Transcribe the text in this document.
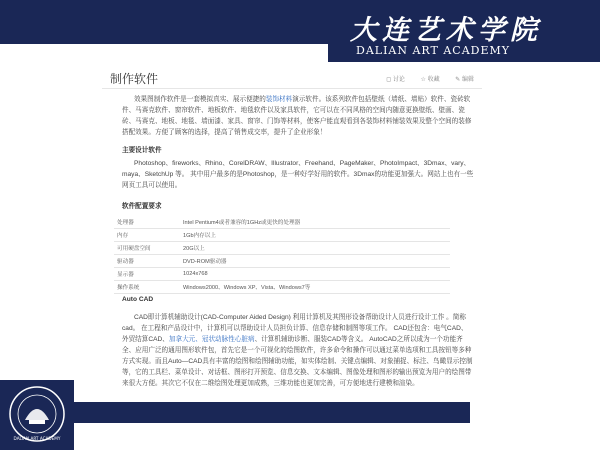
大连艺术学院
DALIAN ART ACADEMY
制作软件	◻ 讨论	☆ 收藏	✎ 编辑
效果图制作软件是一套模拟真实、展示便捷的装饰材料演示软件。该系列软件包括壁纸（墙纸、墙贴）软件、瓷砖软件、马赛克软件、窗帘软件、地板软件、地毯软件以及家具软件，它可以在不同风格的空间内随意更换壁纸、壁画、瓷砖、马赛克、地板、地毯、墙面漆、家具、窗帘、门饰等材料，使客户能直观看到各装饰材料铺装效果及整个空间的装修搭配效果。方便了顾客的选择，提高了销售成交率，提升了企业形象！
主要设计软件
Photoshop、fireworks、Rhino、CorelDRAW、Illustrator、Freehand、PageMaker、PhotoImpact、3Dmax、vary、maya、SketchUp 等。 其中用户最多的是Photoshop，是一种好学好用的软件。3Dmax的功能更加强大。网站上也有一些网页工具可以使用。
软件配置要求
处理器	Intel Pentium4或者兼容的1GHz或更快的处理器
内存	1Gb内存以上
可用硬盘空间	20G以上
驱动器	DVD-ROM驱动器
显示器	1024x768
操作系统	Windows2000、Windows XP、Vista、Windows7等
Auto CAD
CAD即计算机辅助设计(CAD-Computer Aided Design) 利用计算机及其图形设备帮助设计人员进行设计工作 。简称cad。 在工程和产品设计中，计算机可以帮助设计人员担负计算、信息存储和制图等项工作。 CAD还包含：电气CAD、外贸结算CAD、加拿大元、冠状动脉性心脏病、计算机辅助诊断、服装CAD等含义。 AutoCAD之所以成为一个功能齐全、应用广泛的通用图形软件包，首先它是一个可视化的绘图软件，许多命令和操作可以通过菜单选项和工具按钮等多种方式实现。而且Auto—CAD具有丰富的绘图和绘图辅助功能，如实体绘制、关键点编辑、对象捕捉、标注、鸟瞰显示控制等，它的工具栏、菜单设计、对话框、图形打开预览、信息交换、文本编辑、图像处理和图形的输出预览为用户的绘图带来很大方便。其次它不仅在二维绘图处理更加成熟，三维功能也更加完善，可方便地进行建模和渲染。
DALIAN ART ACADEMY
